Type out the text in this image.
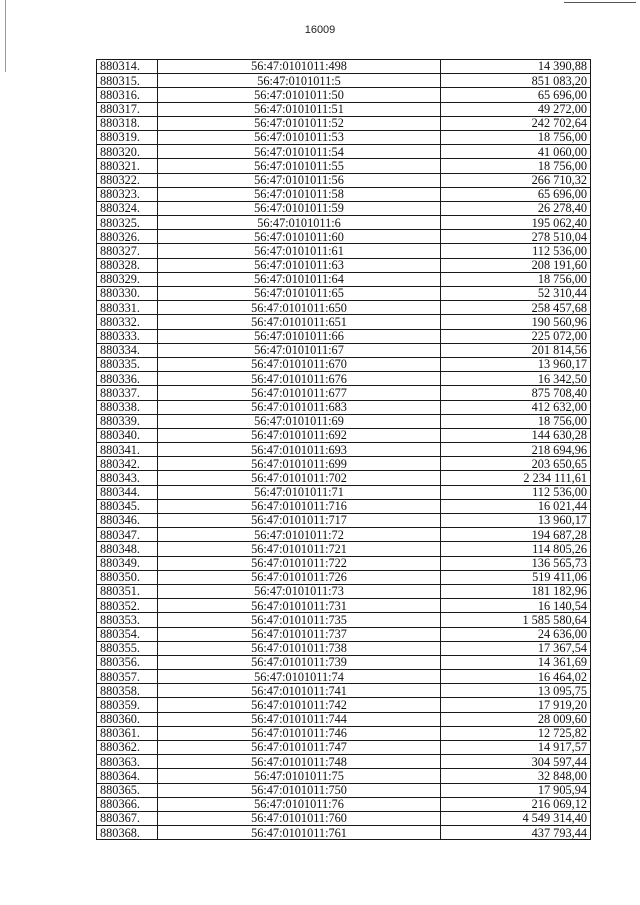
16009
880314.	56:47:0101011:498	14 390,88
880315.	56:47:0101011:5	851 083,20
880316.	56:47:0101011:50	65 696,00
880317.	56:47:0101011:51	49 272,00
880318.	56:47:0101011:52	242 702,64
880319.	56:47:0101011:53	18 756,00
880320.	56:47:0101011:54	41 060,00
880321.	56:47:0101011:55	18 756,00
880322.	56:47:0101011:56	266 710,32
880323.	56:47:0101011:58	65 696,00
880324.	56:47:0101011:59	26 278,40
880325.	56:47:0101011:6	195 062,40
880326.	56:47:0101011:60	278 510,04
880327.	56:47:0101011:61	112 536,00
880328.	56:47:0101011:63	208 191,60
880329.	56:47:0101011:64	18 756,00
880330.	56:47:0101011:65	52 310,44
880331.	56:47:0101011:650	258 457,68
880332.	56:47:0101011:651	190 560,96
880333.	56:47:0101011:66	225 072,00
880334.	56:47:0101011:67	201 814,56
880335.	56:47:0101011:670	13 960,17
880336.	56:47:0101011:676	16 342,50
880337.	56:47:0101011:677	875 708,40
880338.	56:47:0101011:683	412 632,00
880339.	56:47:0101011:69	18 756,00
880340.	56:47:0101011:692	144 630,28
880341.	56:47:0101011:693	218 694,96
880342.	56:47:0101011:699	203 650,65
880343.	56:47:0101011:702	2 234 111,61
880344.	56:47:0101011:71	112 536,00
880345.	56:47:0101011:716	16 021,44
880346.	56:47:0101011:717	13 960,17
880347.	56:47:0101011:72	194 687,28
880348.	56:47:0101011:721	114 805,26
880349.	56:47:0101011:722	136 565,73
880350.	56:47:0101011:726	519 411,06
880351.	56:47:0101011:73	181 182,96
880352.	56:47:0101011:731	16 140,54
880353.	56:47:0101011:735	1 585 580,64
880354.	56:47:0101011:737	24 636,00
880355.	56:47:0101011:738	17 367,54
880356.	56:47:0101011:739	14 361,69
880357.	56:47:0101011:74	16 464,02
880358.	56:47:0101011:741	13 095,75
880359.	56:47:0101011:742	17 919,20
880360.	56:47:0101011:744	28 009,60
880361.	56:47:0101011:746	12 725,82
880362.	56:47:0101011:747	14 917,57
880363.	56:47:0101011:748	304 597,44
880364.	56:47:0101011:75	32 848,00
880365.	56:47:0101011:750	17 905,94
880366.	56:47:0101011:76	216 069,12
880367.	56:47:0101011:760	4 549 314,40
880368.	56:47:0101011:761	437 793,44
